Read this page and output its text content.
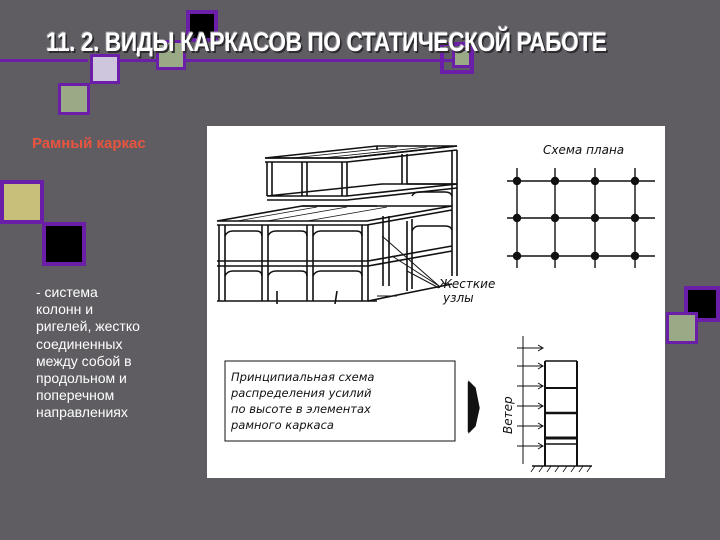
11. 2. ВИДЫ КАРКАСОВ ПО СТАТИЧЕСКОЙ РАБОТЕ
Рамный каркас
- система
колонн и
ригелей, жестко
соединенных
между собой в
продольном и
поперечном
направлениях
Схема плана
Жесткие
узлы
Ветер
Принципиальная схема
распределения усилий
по высоте в элементах
рамного каркаса
